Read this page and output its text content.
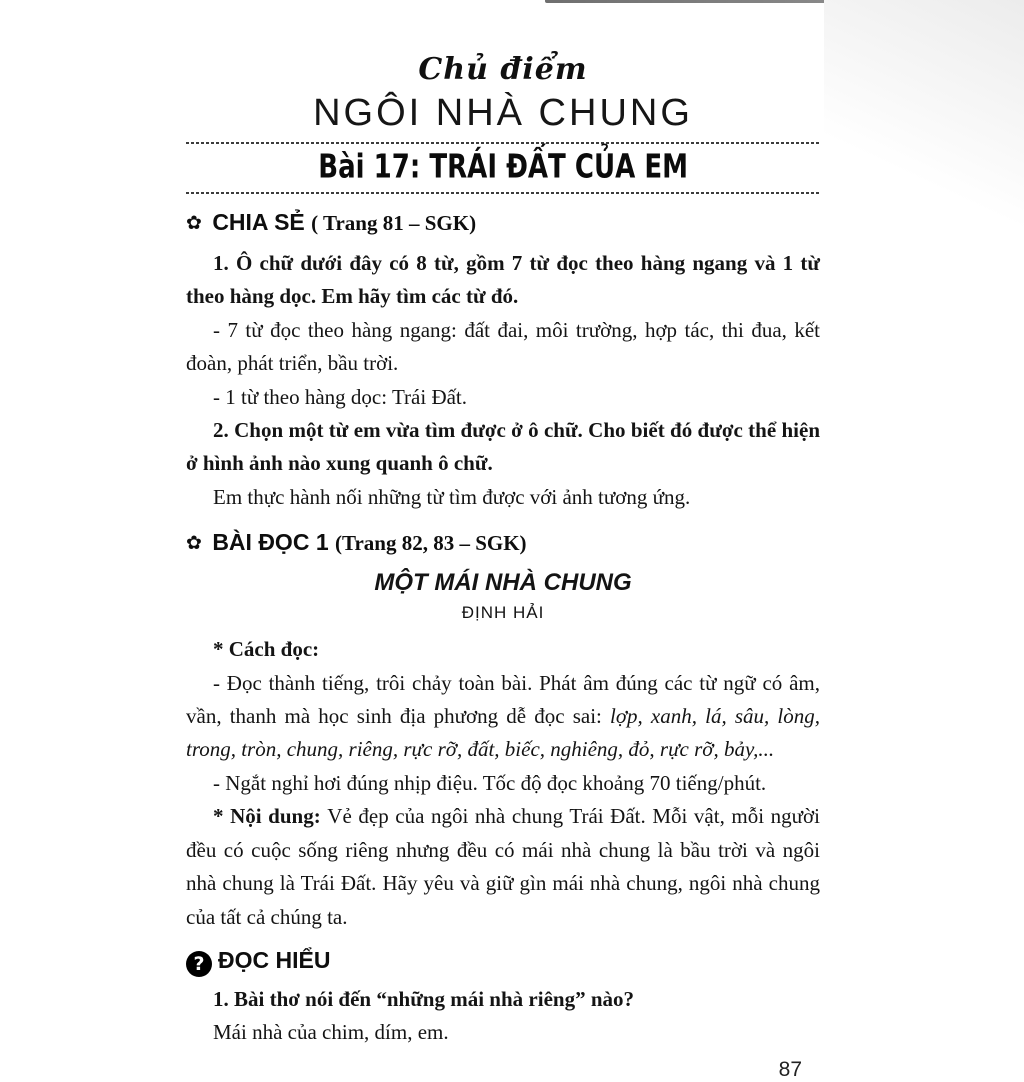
Chủ điểm
NGÔI NHÀ CHUNG
Bài 17: TRÁI ĐẤT CỦA EM
✿ CHIA SẺ ( Trang 81 – SGK)

1. Ô chữ dưới đây có 8 từ, gồm 7 từ đọc theo hàng ngang và 1 từ theo hàng dọc. Em hãy tìm các từ đó.

- 7 từ đọc theo hàng ngang: đất đai, môi trường, hợp tác, thi đua, kết đoàn, phát triển, bầu trời.

- 1 từ theo hàng dọc: Trái Đất.

2. Chọn một từ em vừa tìm được ở ô chữ. Cho biết đó được thể hiện ở hình ảnh nào xung quanh ô chữ.

Em thực hành nối những từ tìm được với ảnh tương ứng.

✿ BÀI ĐỌC 1 (Trang 82, 83 – SGK)
MỘT MÁI NHÀ CHUNG
ĐỊNH HẢI

* Cách đọc:

- Đọc thành tiếng, trôi chảy toàn bài. Phát âm đúng các từ ngữ có âm, vần, thanh mà học sinh địa phương dễ đọc sai: lợp, xanh, lá, sâu, lòng, trong, tròn, chung, riêng, rực rỡ, đất, biếc, nghiêng, đỏ, rực rỡ, bảy,...

- Ngắt nghỉ hơi đúng nhịp điệu. Tốc độ đọc khoảng 70 tiếng/phút.

* Nội dung: Vẻ đẹp của ngôi nhà chung Trái Đất. Mỗi vật, mỗi người đều có cuộc sống riêng nhưng đều có mái nhà chung là bầu trời và ngôi nhà chung là Trái Đất. Hãy yêu và giữ gìn mái nhà chung, ngôi nhà chung của tất cả chúng ta.

? ĐỌC HIỂU

1. Bài thơ nói đến “những mái nhà riêng” nào?

Mái nhà của chim, dím, em.

87
